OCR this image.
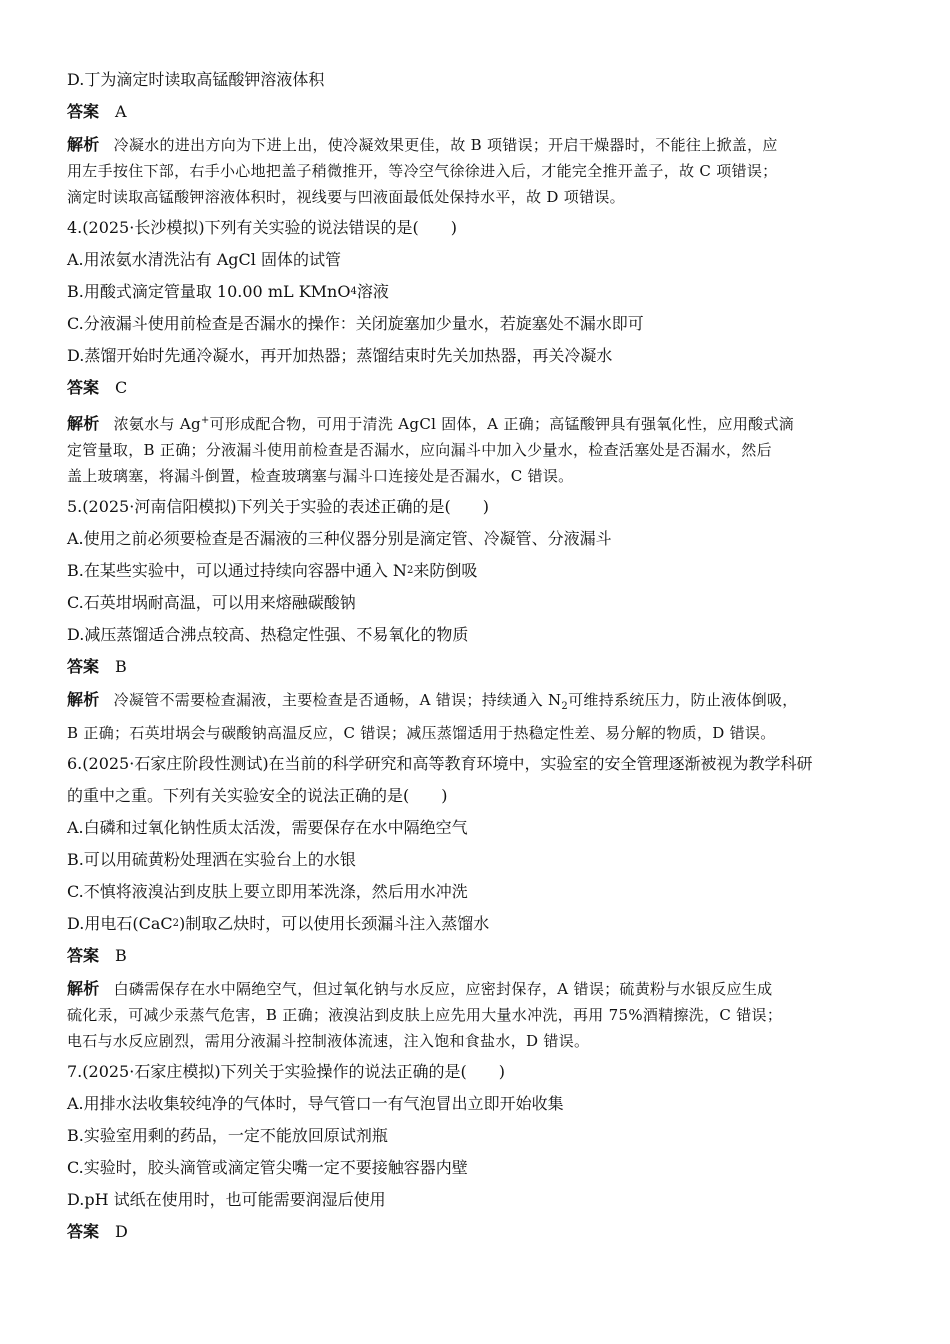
D.丁为滴定时读取高锰酸钾溶液体积
答案 A

解析 冷凝水的进出方向为下进上出，使冷凝效果更佳，故 B 项错误；开启干燥器时，不能往上掀盖，应

用左手按住下部，右手小心地把盖子稍微推开，等冷空气徐徐进入后，才能完全推开盖子，故 C 项错误；

滴定时读取高锰酸钾溶液体积时，视线要与凹液面最低处保持水平，故 D 项错误。

4.(2025·长沙模拟)下列有关实验的说法错误的是(　　)
A.用浓氨水清洗沾有 AgCl 固体的试管
B.用酸式滴定管量取 10.00 mL KMnO 4 溶液
C.分液漏斗使用前检查是否漏水的操作：关闭旋塞加少量水，若旋塞处不漏水即可
D.蒸馏开始时先通冷凝水，再开加热器；蒸馏结束时先关加热器，再关冷凝水
答案 C

解析 浓氨水与 Ag+可形成配合物，可用于清洗 AgCl 固体，A 正确；高锰酸钾具有强氧化性，应用酸式滴

定管量取，B 正确；分液漏斗使用前检查是否漏水，应向漏斗中加入少量水，检查活塞处是否漏水，然后

盖上玻璃塞，将漏斗倒置，检查玻璃塞与漏斗口连接处是否漏水，C 错误。

5.(2025·河南信阳模拟)下列关于实验的表述正确的是(　　)
A.使用之前必须要检查是否漏液的三种仪器分别是滴定管、冷凝管、分液漏斗
B.在某些实验中，可以通过持续向容器中通入 N 2 来防倒吸
C.石英坩埚耐高温，可以用来熔融碳酸钠
D.减压蒸馏适合沸点较高、热稳定性强、不易氧化的物质
答案 B

解析 冷凝管不需要检查漏液，主要检查是否通畅，A 错误；持续通入 $N_2$可维持系统压力，防止液体倒吸，

B 正确；石英坩埚会与碳酸钠高温反应，C 错误；减压蒸馏适用于热稳定性差、易分解的物质，D 错误。

6.(2025·石家庄阶段性测试)在当前的科学研究和高等教育环境中，实验室的安全管理逐渐被视为教学科研
的重中之重。下列有关实验安全的说法正确的是(　　)
A.白磷和过氧化钠性质太活泼，需要保存在水中隔绝空气
B.可以用硫黄粉处理洒在实验台上的水银
C.不慎将液溴沾到皮肤上要立即用苯洗涤，然后用水冲洗
D.用电石(CaC 2 )制取乙炔时，可以使用长颈漏斗注入蒸馏水
答案 B

解析 白磷需保存在水中隔绝空气，但过氧化钠与水反应，应密封保存，A 错误；硫黄粉与水银反应生成

硫化汞，可减少汞蒸气危害，B 正确；液溴沾到皮肤上应先用大量水冲洗，再用 75%酒精擦洗，C 错误；

电石与水反应剧烈，需用分液漏斗控制液体流速，注入饱和食盐水，D 错误。

7.(2025·石家庄模拟)下列关于实验操作的说法正确的是(　　)
A.用排水法收集较纯净的气体时，导气管口一有气泡冒出立即开始收集
B.实验室用剩的药品，一定不能放回原试剂瓶
C.实验时，胶头滴管或滴定管尖嘴一定不要接触容器内壁
D.pH 试纸在使用时，也可能需要润湿后使用
答案 D
